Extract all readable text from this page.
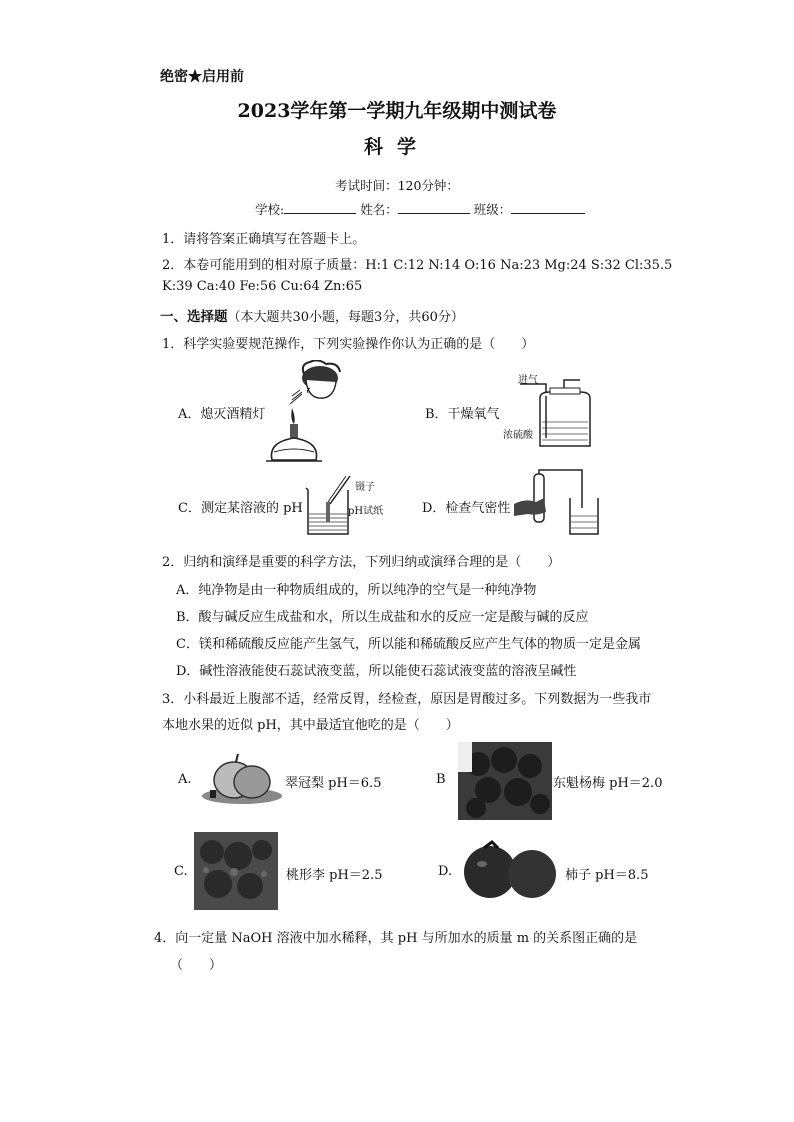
绝密★启用前
2023学年第一学期九年级期中测试卷
科学
考试时间：120分钟：
学校:	姓名：	班级：
1．请将答案正确填写在答题卡上。
2．本卷可能用到的相对原子质量：H:1 C:12 N:14 O:16 Na:23 Mg:24 S:32 Cl:35.5
K:39 Ca:40 Fe:56 Cu:64 Zn:65
一、选择题（本大题共30小题，每题3分，共60分）
1．科学实验要规范操作，下列实验操作你认为正确的是（　　）
A．熄灭酒精灯	B．干燥氧气
进气
浓硫酸
C．测定某溶液的 pH
镊子
pH试纸	D．检查气密性
2．归纳和演绎是重要的科学方法，下列归纳或演绎合理的是（　　）
A．纯净物是由一种物质组成的，所以纯净的空气是一种纯净物
B．酸与碱反应生成盐和水，所以生成盐和水的反应一定是酸与碱的反应
C．镁和稀硫酸反应能产生氢气，所以能和稀硫酸反应产生气体的物质一定是金属
D．碱性溶液能使石蕊试液变蓝，所以能使石蕊试液变蓝的溶液呈碱性
3．小科最近上腹部不适，经常反胃，经检查，原因是胃酸过多。下列数据为一些我市
本地水果的近似 pH，其中最适宜他吃的是（　　）
A.	翠冠梨 pH＝6.5	B	东魁杨梅 pH＝2.0
C.	桃形李 pH＝2.5	D.	柿子 pH＝8.5
4．向一定量 NaOH 溶液中加水稀释，其 pH 与所加水的质量 m 的关系图正确的是
（　　）
